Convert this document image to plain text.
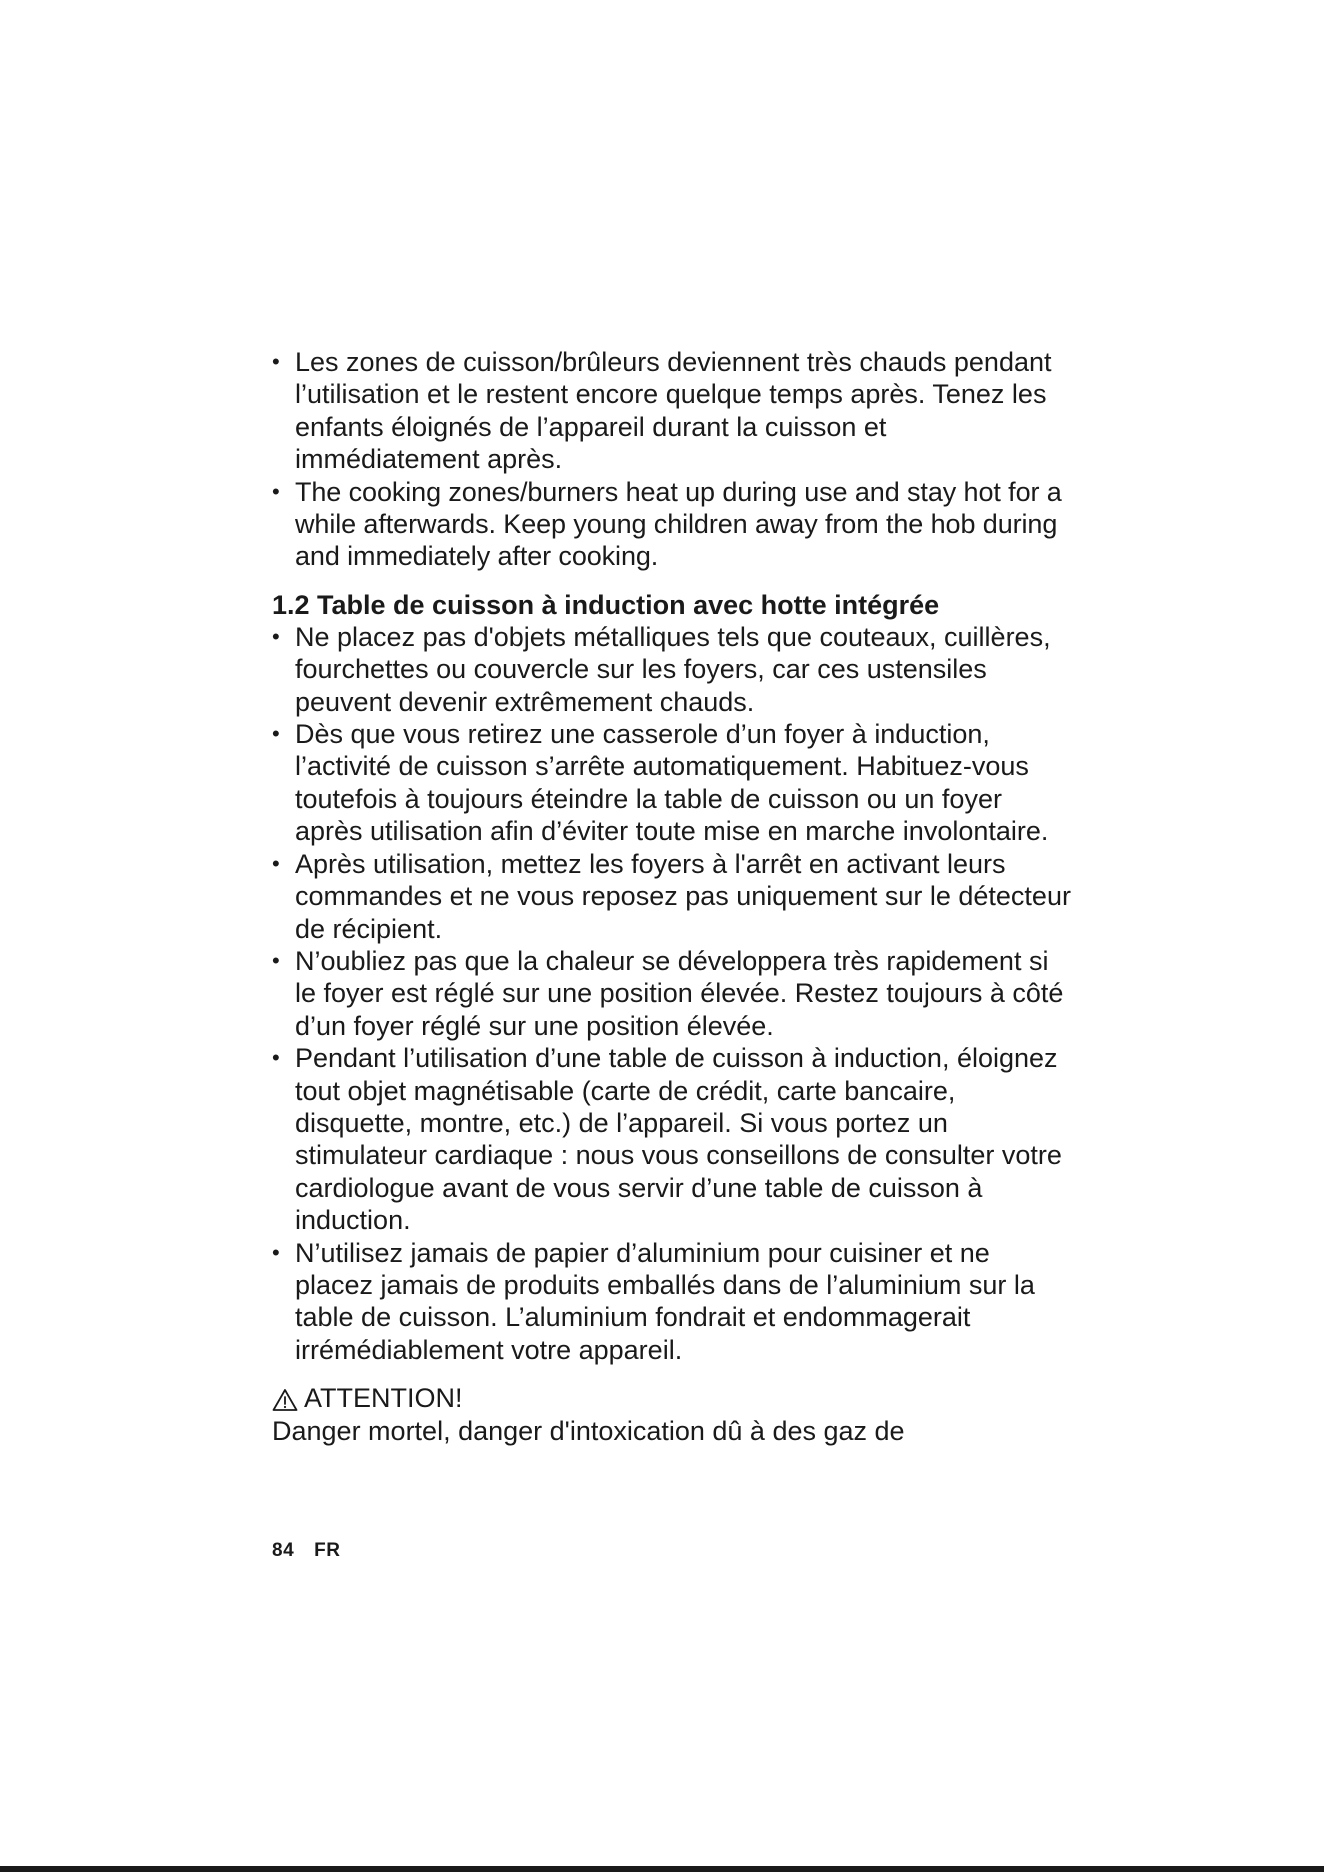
• Les zones de cuisson/brûleurs deviennent très chauds pendant l’utilisation et le restent encore quelque temps après. Tenez les enfants éloignés de l’appareil durant la cuisson et immédiatement après.
• The cooking zones/burners heat up during use and stay hot for a while afterwards. Keep young children away from the hob during and immediately after cooking.
1.2 Table de cuisson à induction avec hotte intégrée
• Ne placez pas d'objets métalliques tels que couteaux, cuillères, fourchettes ou couvercle sur les foyers, car ces ustensiles peuvent devenir extrêmement chauds.
• Dès que vous retirez une casserole d’un foyer à induction, l’activité de cuisson s’arrête automatiquement. Habituez-vous toutefois à toujours éteindre la table de cuisson ou un foyer après utilisation afin d’éviter toute mise en marche involontaire.
• Après utilisation, mettez les foyers à l'arrêt en activant leurs commandes et ne vous reposez pas uniquement sur le détecteur de récipient.
• N’oubliez pas que la chaleur se développera très rapidement si le foyer est réglé sur une position élevée. Restez toujours à côté d’un foyer réglé sur une position élevée.
• Pendant l’utilisation d’une table de cuisson à induction, éloignez tout objet magnétisable (carte de crédit, carte bancaire, disquette, montre, etc.) de l’appareil. Si vous portez un stimulateur cardiaque : nous vous conseillons de consulter votre cardiologue avant de vous servir d’une table de cuisson à induction.
• N’utilisez jamais de papier d’aluminium pour cuisiner et ne placez jamais de produits emballés dans de l’aluminium sur la table de cuisson. L’aluminium fondrait et endommagerait irrémédiablement votre appareil.

ATTENTION!

Danger mortel, danger d'intoxication dû à des gaz de

84 FR
